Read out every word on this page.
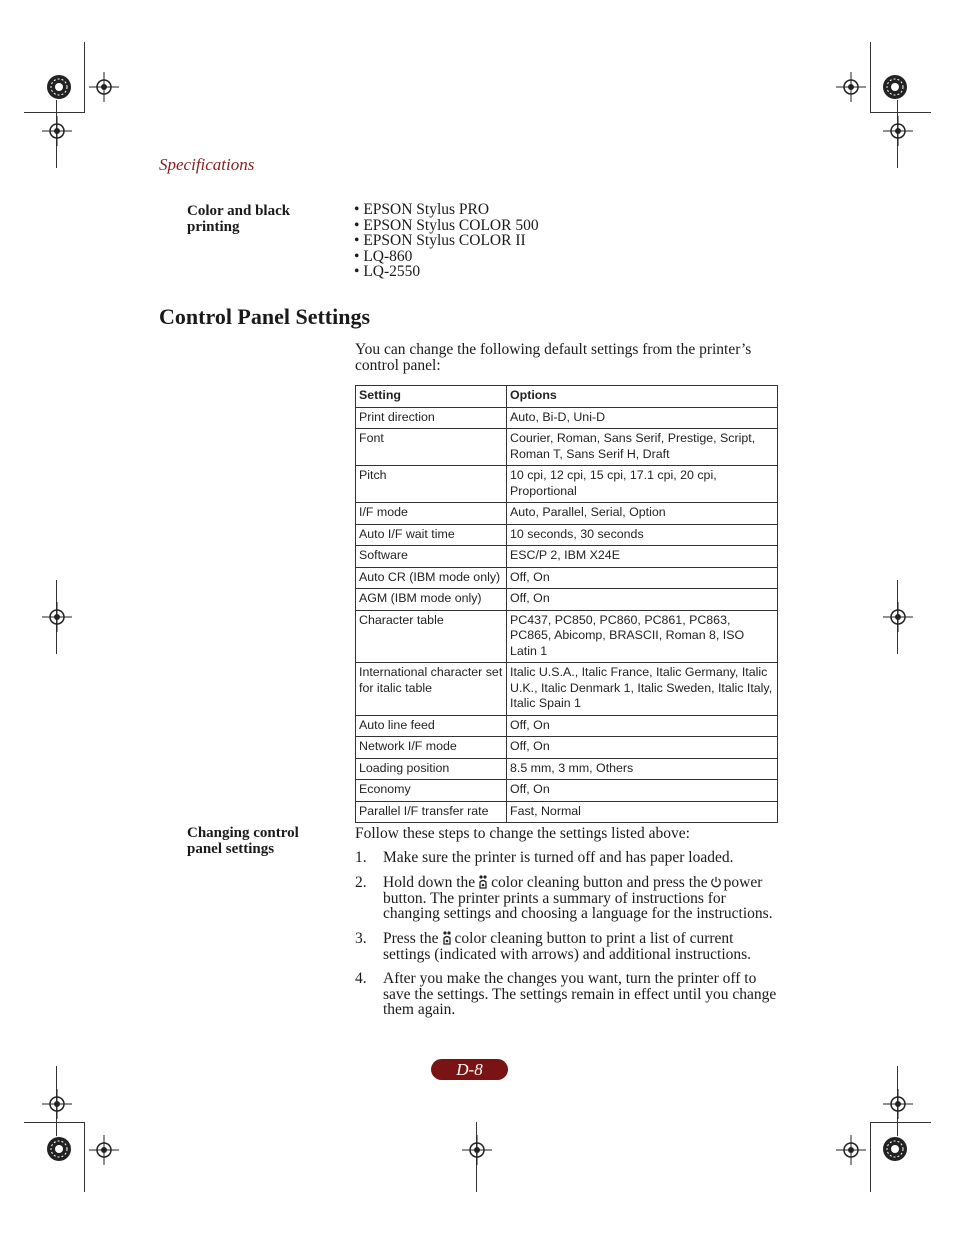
Specifications
Color and black printing
• EPSON Stylus PRO
• EPSON Stylus COLOR 500
• EPSON Stylus COLOR II
• LQ-860
• LQ-2550
Control Panel Settings

You can change the following default settings from the printer’s control panel:

Setting	Options
Print direction	Auto, Bi-D, Uni-D
Font	Courier, Roman, Sans Serif, Prestige, Script, Roman T, Sans Serif H, Draft
Pitch	10 cpi, 12 cpi, 15 cpi, 17.1 cpi, 20 cpi, Proportional
I/F mode	Auto, Parallel, Serial, Option
Auto I/F wait time	10 seconds, 30 seconds
Software	ESC/P 2, IBM X24E
Auto CR (IBM mode only)	Off, On
AGM (IBM mode only)	Off, On
Character table	PC437, PC850, PC860, PC861, PC863, PC865, Abicomp, BRASCII, Roman 8, ISO Latin 1
International character set for italic table	Italic U.S.A., Italic France, Italic Germany, Italic U.K., Italic Denmark 1, Italic Sweden, Italic Italy, Italic Spain 1
Auto line feed	Off, On
Network I/F mode	Off, On
Loading position	8.5 mm, 3 mm, Others
Economy	Off, On
Parallel I/F transfer rate	Fast, Normal
Changing control panel settings

Follow these steps to change the settings listed above:

1. Make sure the printer is turned off and has paper loaded.
2. Hold down the color cleaning button and press the power button. The printer prints a summary of instructions for changing settings and choosing a language for the instructions.
3. Press the color cleaning button to print a list of current settings (indicated with arrows) and additional instructions.
4. After you make the changes you want, turn the printer off to save the settings. The settings remain in effect until you change them again.
D-8
